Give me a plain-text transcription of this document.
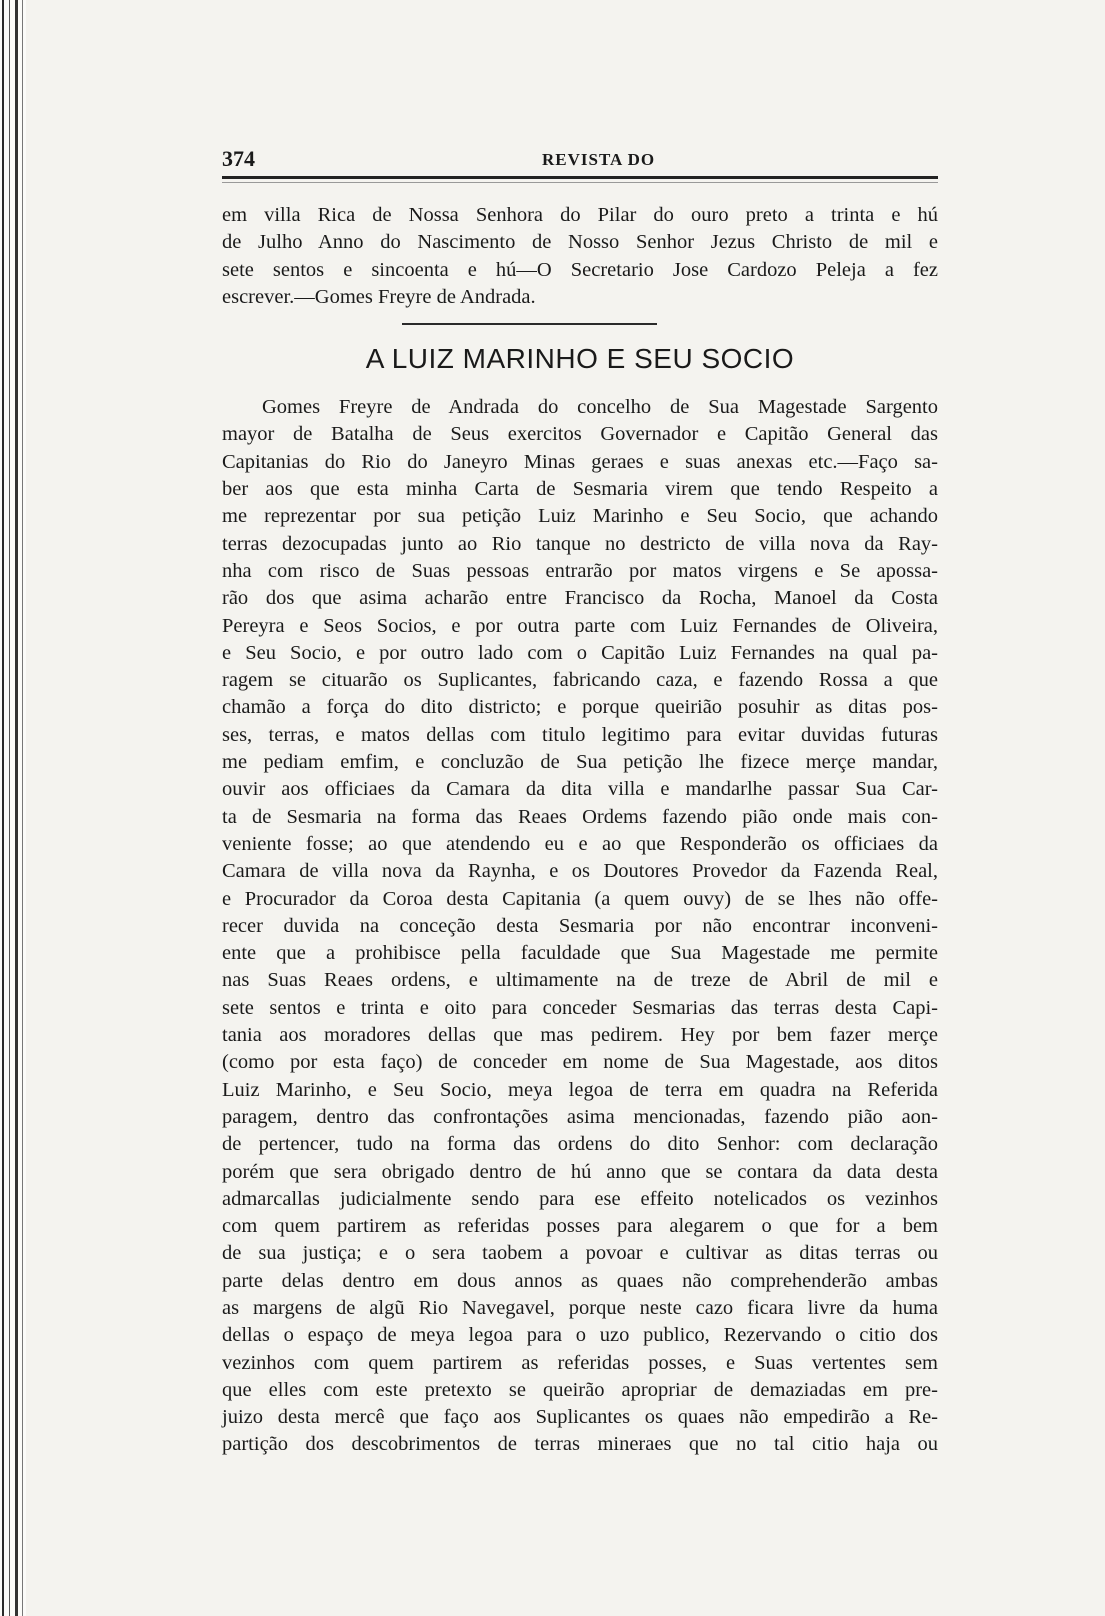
374	REVISTA DO
em villa Rica de Nossa Senhora do Pilar do ouro preto a trinta e hú
de Julho Anno do Nascimento de Nosso Senhor Jezus Christo de mil e
sete sentos e sincoenta e hú—O Secretario Jose Cardozo Peleja a fez
escrever.—Gomes Freyre de Andrada.
A LUIZ MARINHO E SEU SOCIO
Gomes Freyre de Andrada do concelho de Sua Magestade Sargento
mayor de Batalha de Seus exercitos Governador e Capitão General das
Capitanias do Rio do Janeyro Minas geraes e suas anexas etc.—Faço sa-
ber aos que esta minha Carta de Sesmaria virem que tendo Respeito a
me reprezentar por sua petição Luiz Marinho e Seu Socio, que achando
terras dezocupadas junto ao Rio tanque no destricto de villa nova da Ray-
nha com risco de Suas pessoas entrarão por matos virgens e Se apossa-
rão dos que asima acharão entre Francisco da Rocha, Manoel da Costa
Pereyra e Seos Socios, e por outra parte com Luiz Fernandes de Oliveira,
e Seu Socio, e por outro lado com o Capitão Luiz Fernandes na qual pa-
ragem se cituarão os Suplicantes, fabricando caza, e fazendo Rossa a que
chamão a força do dito districto; e porque queirião posuhir as ditas pos-
ses, terras, e matos dellas com titulo legitimo para evitar duvidas futuras
me pediam emfim, e concluzão de Sua petição lhe fizece merçe mandar,
ouvir aos officiaes da Camara da dita villa e mandarlhe passar Sua Car-
ta de Sesmaria na forma das Reaes Ordems fazendo pião onde mais con-
veniente fosse; ao que atendendo eu e ao que Responderão os officiaes da
Camara de villa nova da Raynha, e os Doutores Provedor da Fazenda Real,
e Procurador da Coroa desta Capitania (a quem ouvy) de se lhes não offe-
recer duvida na conceção desta Sesmaria por não encontrar inconveni-
ente que a prohibisce pella faculdade que Sua Magestade me permite
nas Suas Reaes ordens, e ultimamente na de treze de Abril de mil e
sete sentos e trinta e oito para conceder Sesmarias das terras desta Capi-
tania aos moradores dellas que mas pedirem. Hey por bem fazer merçe
(como por esta faço) de conceder em nome de Sua Magestade, aos ditos
Luiz Marinho, e Seu Socio, meya legoa de terra em quadra na Referida
paragem, dentro das confrontações asima mencionadas, fazendo pião aon-
de pertencer, tudo na forma das ordens do dito Senhor: com declaração
porém que sera obrigado dentro de hú anno que se contara da data desta
admarcallas judicialmente sendo para ese effeito notelicados os vezinhos
com quem partirem as referidas posses para alegarem o que for a bem
de sua justiça; e o sera taobem a povoar e cultivar as ditas terras ou
parte delas dentro em dous annos as quaes não comprehenderão ambas
as margens de algũ Rio Navegavel, porque neste cazo ficara livre da huma
dellas o espaço de meya legoa para o uzo publico, Rezervando o citio dos
vezinhos com quem partirem as referidas posses, e Suas vertentes sem
que elles com este pretexto se queirão apropriar de demaziadas em pre-
juizo desta mercê que faço aos Suplicantes os quaes não empedirão a Re-
partição dos descobrimentos de terras mineraes que no tal citio haja ou
